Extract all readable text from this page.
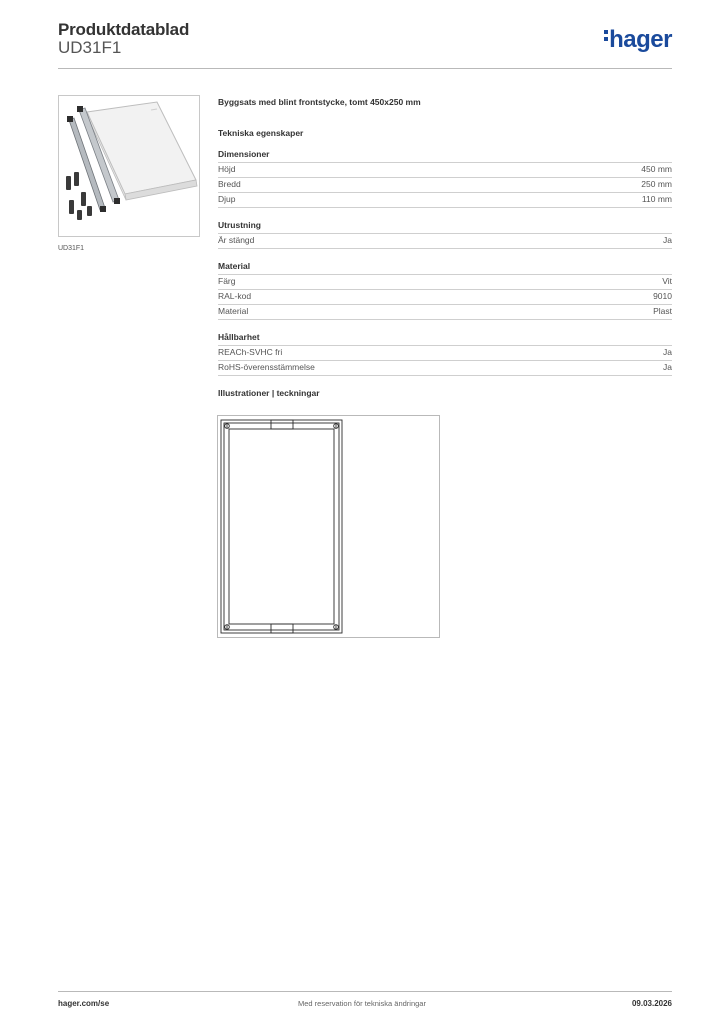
Produktdatablad
UD31F1	hager
UD31F1
Byggsats med blint frontstycke, tomt 450x250 mm
Tekniska egenskaper
Dimensioner
Höjd	450 mm
Bredd	250 mm
Djup	110 mm
Utrustning
Är stängd	Ja
Material
Färg	Vit
RAL-kod	9010
Material	Plast
Hållbarhet
REACh-SVHC fri	Ja
RoHS-överensstämmelse	Ja
Illustrationer | teckningar
hager.com/se	Med reservation för tekniska ändringar	09.03.2026
